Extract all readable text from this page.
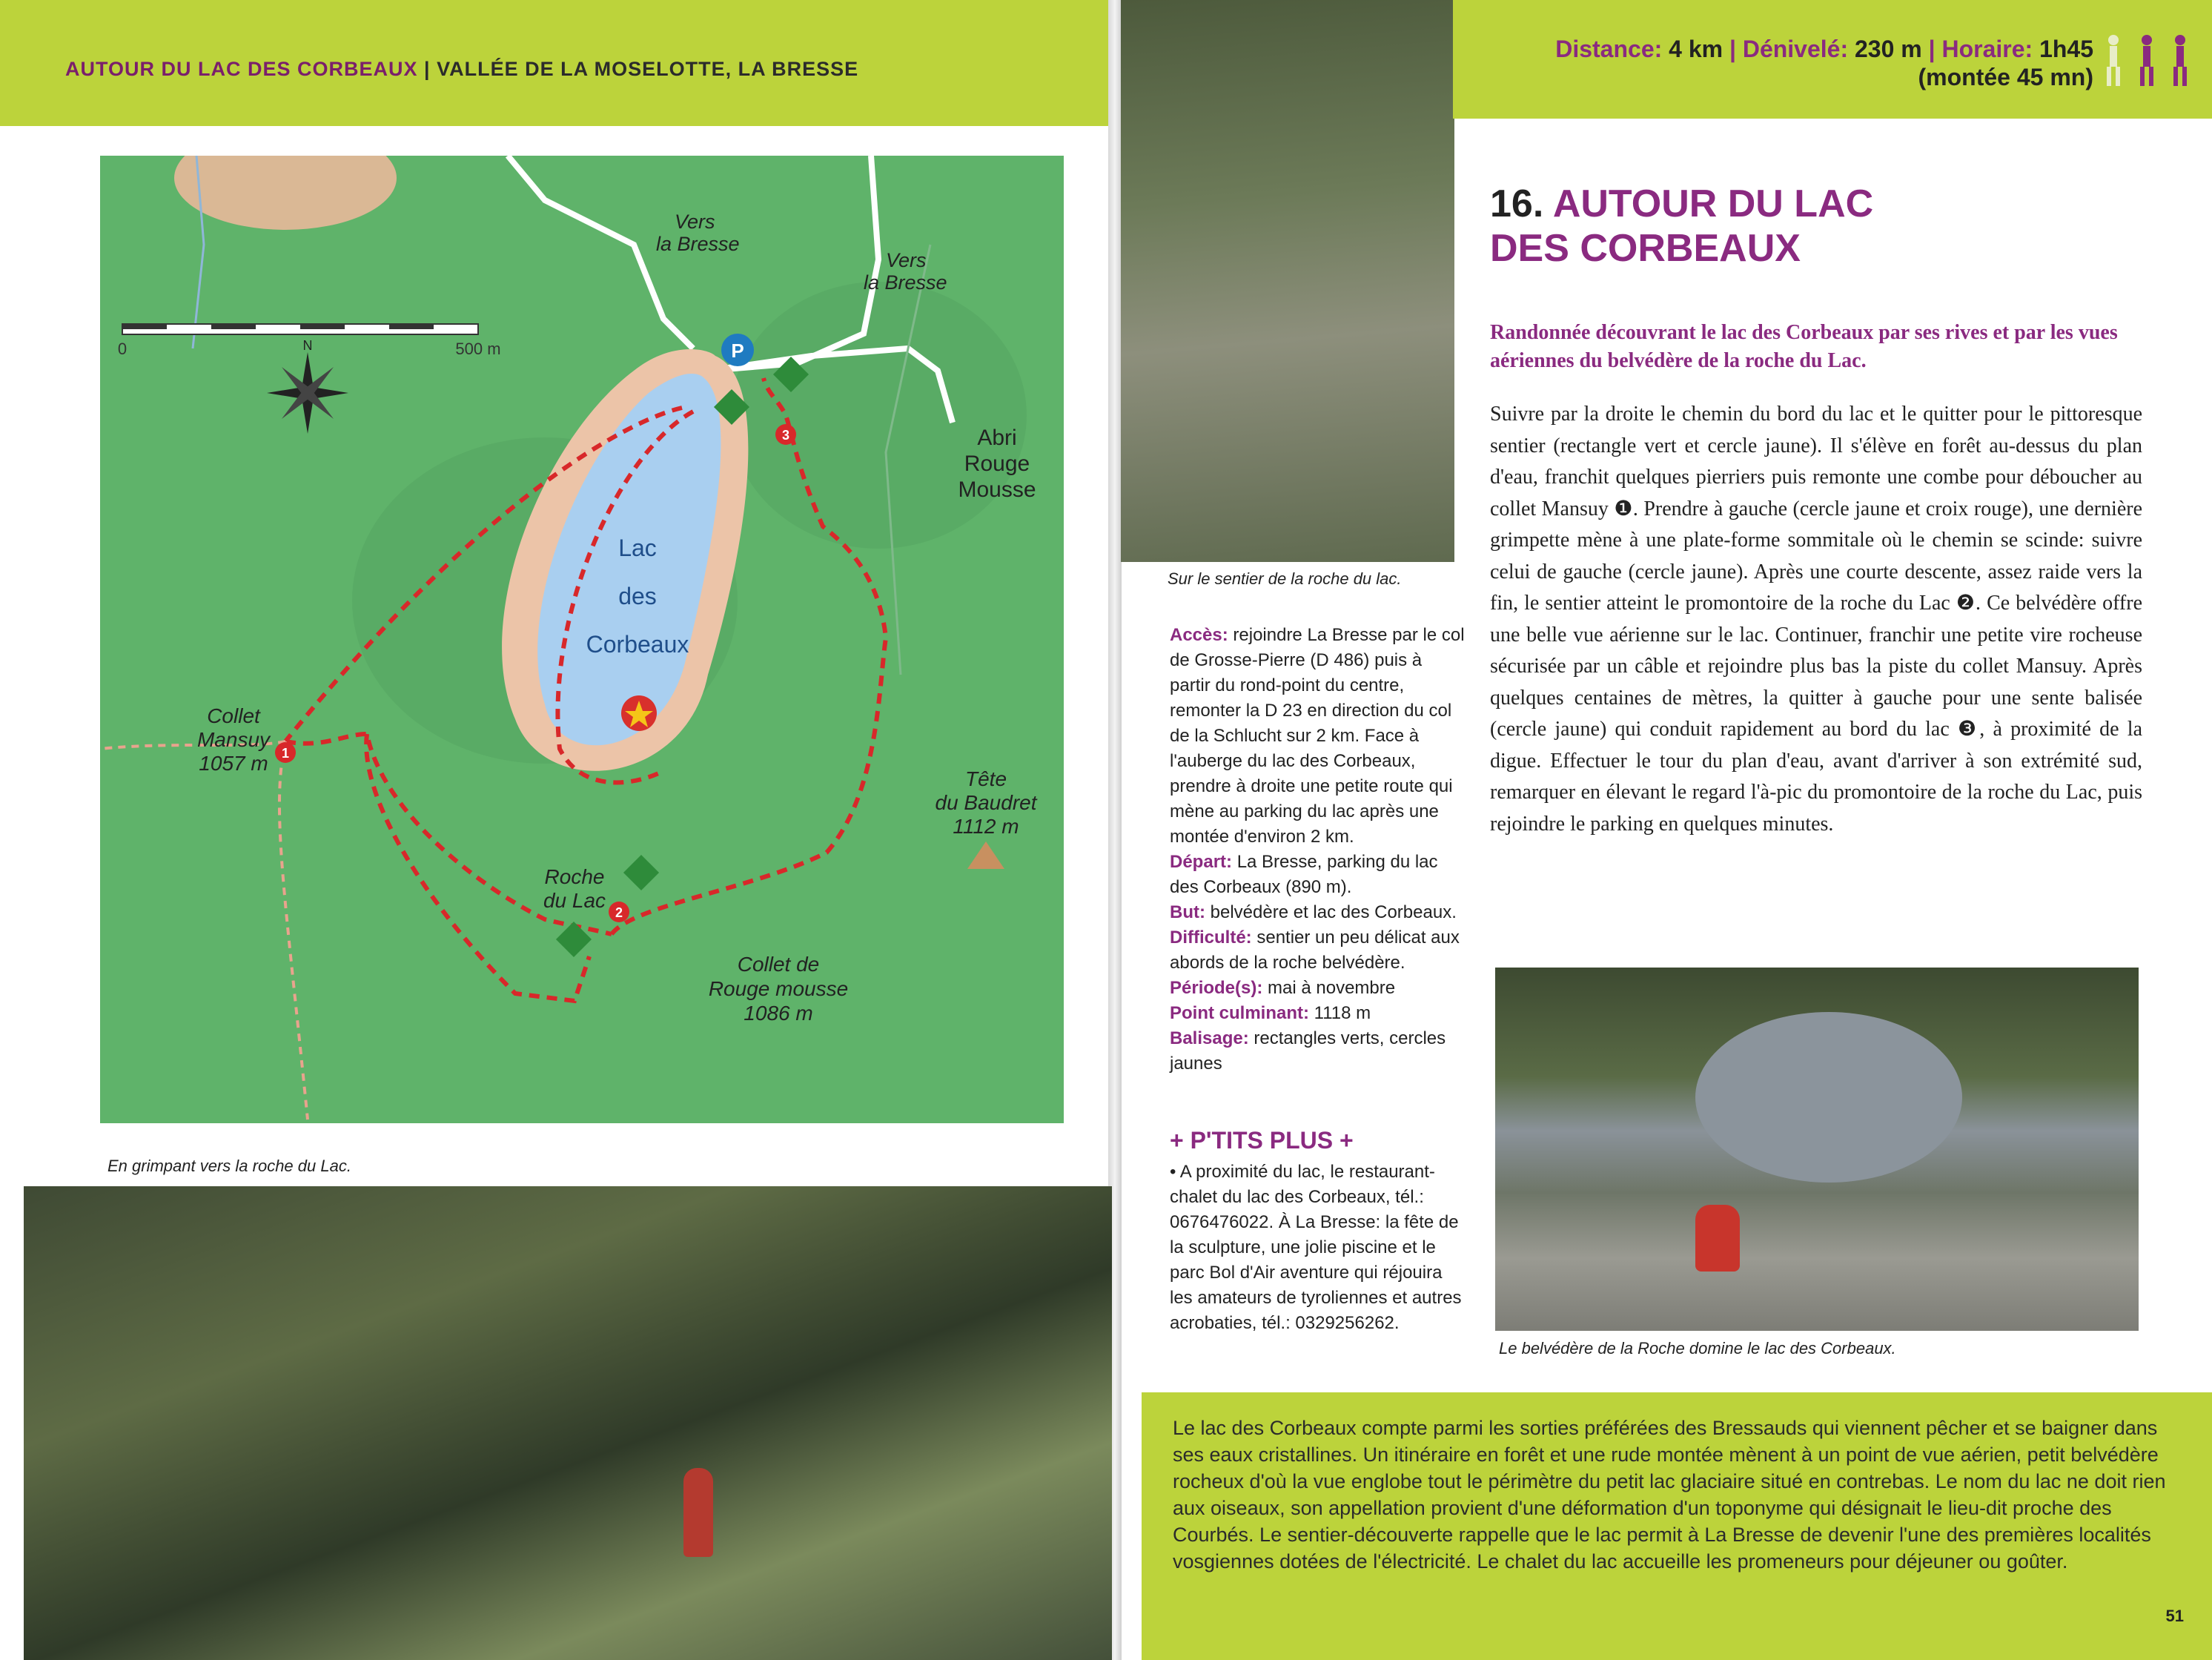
AUTOUR DU LAC DES CORBEAUX | VALLÉE DE LA MOSELOTTE, LA BRESSE
0	500 m
N
Lac
des
Corbeaux
Vers
la Bresse
Vers
la Bresse
P
Abri
Rouge
Mousse
Collet
Mansuy
1057 m 1
3
2
Tête
du Baudret
1112 m
Roche
du Lac
Collet de
Rouge mousse
1086 m
En grimpant vers la roche du Lac.
Sur le sentier de la roche du lac.
Distance: 4 km | Dénivelé: 230 m | Horaire: 1h45
(montée 45 mn)
Accès: rejoindre La Bresse par le col de Grosse-Pierre (D 486) puis à partir du rond-point du centre, remonter la D 23 en direction du col de la Schlucht sur 2 km. Face à l'auberge du lac des Corbeaux, prendre à droite une petite route qui mène au parking du lac après une montée d'environ 2 km.
Départ: La Bresse, parking du lac des Corbeaux (890 m).
But: belvédère et lac des Corbeaux.
Difficulté: sentier un peu délicat aux abords de la roche belvédère.
Période(s): mai à novembre
Point culminant: 1118 m
Balisage: rectangles verts, cercles jaunes
+ P'TITS PLUS +
• A proximité du lac, le restaurant-chalet du lac des Corbeaux, tél.: 0676476022. À La Bresse: la fête de la sculpture, une jolie piscine et le parc Bol d'Air aventure qui réjouira les amateurs de tyroliennes et autres acrobaties, tél.: 0329256262.
16. AUTOUR DU LAC
DES CORBEAUX
Randonnée découvrant le lac des Corbeaux par ses rives et par les vues aériennes du belvédère de la roche du Lac.
Suivre par la droite le chemin du bord du lac et le quitter pour le pittoresque sentier (rectangle vert et cercle jaune). Il s'élève en forêt au-dessus du plan d'eau, franchit quelques pierriers puis remonte une combe pour déboucher au collet Mansuy ❶. Prendre à gauche (cercle jaune et croix rouge), une dernière grimpette mène à une plate-forme sommitale où le chemin se scinde: suivre celui de gauche (cercle jaune). Après une courte descente, assez raide vers la fin, le sentier atteint le promontoire de la roche du Lac ❷. Ce belvédère offre une belle vue aérienne sur le lac. Continuer, franchir une petite vire rocheuse sécurisée par un câble et rejoindre plus bas la piste du collet Mansuy. Après quelques centaines de mètres, la quitter à gauche pour une sente balisée (cercle jaune) qui conduit rapidement au bord du lac ❸, à proximité de la digue. Effectuer le tour du plan d'eau, avant d'arriver à son extrémité sud, remarquer en élevant le regard l'à-pic du promontoire de la roche du Lac, puis rejoindre le parking en quelques minutes.
Le belvédère de la Roche domine le lac des Corbeaux.
Le lac des Corbeaux compte parmi les sorties préférées des Bressauds qui viennent pêcher et se baigner dans ses eaux cristallines. Un itinéraire en forêt et une rude montée mènent à un point de vue aérien, petit belvédère rocheux d'où la vue englobe tout le périmètre du petit lac glaciaire situé en contrebas. Le nom du lac ne doit rien aux oiseaux, son appellation provient d'une déformation d'un toponyme qui désignait le lieu-dit proche des Courbés. Le sentier-découverte rappelle que le lac permit à La Bresse de devenir l'une des premières localités vosgiennes dotées de l'électricité. Le chalet du lac accueille les promeneurs pour déjeuner ou goûter.
51
